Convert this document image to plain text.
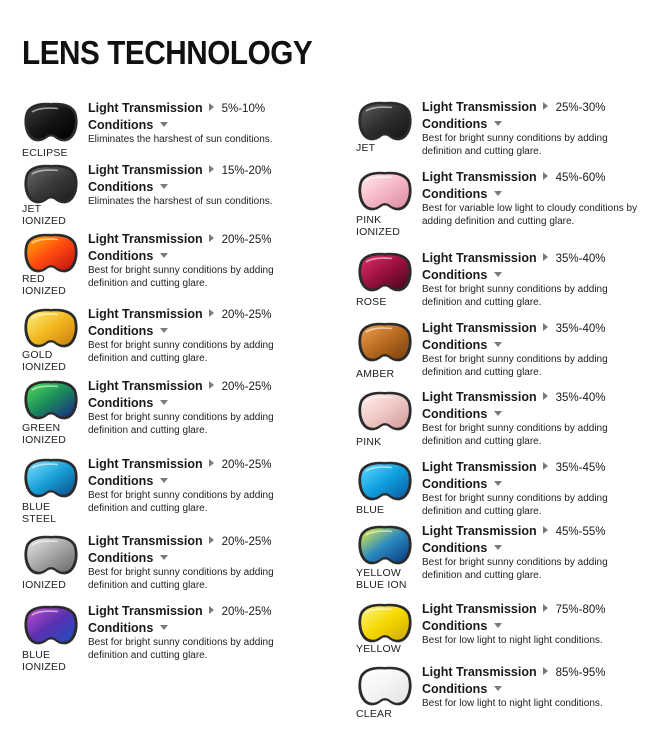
LENS TECHNOLOGY
ECLIPSE
Light Transmission 5%-10%
Conditions
Eliminates the harshest of sun conditions.
JET IONIZED
Light Transmission 15%-20%
Conditions
Eliminates the harshest of sun conditions.
RED IONIZED
Light Transmission 20%-25%
Conditions
Best for bright sunny conditions by adding definition and cutting glare.
GOLD IONIZED
Light Transmission 20%-25%
Conditions
Best for bright sunny conditions by adding definition and cutting glare.
GREEN IONIZED
Light Transmission 20%-25%
Conditions
Best for bright sunny conditions by adding definition and cutting glare.
BLUE STEEL
Light Transmission 20%-25%
Conditions
Best for bright sunny conditions by adding definition and cutting glare.
IONIZED
Light Transmission 20%-25%
Conditions
Best for bright sunny conditions by adding definition and cutting glare.
BLUE IONIZED
Light Transmission 20%-25%
Conditions
Best for bright sunny conditions by adding definition and cutting glare.
JET
Light Transmission 25%-30%
Conditions
Best for bright sunny conditions by adding definition and cutting glare.
PINK IONIZED
Light Transmission 45%-60%
Conditions
Best for variable low light to cloudy conditions by adding definition and cutting glare.
ROSE
Light Transmission 35%-40%
Conditions
Best for bright sunny conditions by adding definition and cutting glare.
AMBER
Light Transmission 35%-40%
Conditions
Best for bright sunny conditions by adding definition and cutting glare.
PINK
Light Transmission 35%-40%
Conditions
Best for bright sunny conditions by adding definition and cutting glare.
BLUE
Light Transmission 35%-45%
Conditions
Best for bright sunny conditions by adding definition and cutting glare.
YELLOW BLUE ION
Light Transmission 45%-55%
Conditions
Best for bright sunny conditions by adding definition and cutting glare.
YELLOW
Light Transmission 75%-80%
Conditions
Best for low light to night light conditions.
CLEAR
Light Transmission 85%-95%
Conditions
Best for low light to night light conditions.
